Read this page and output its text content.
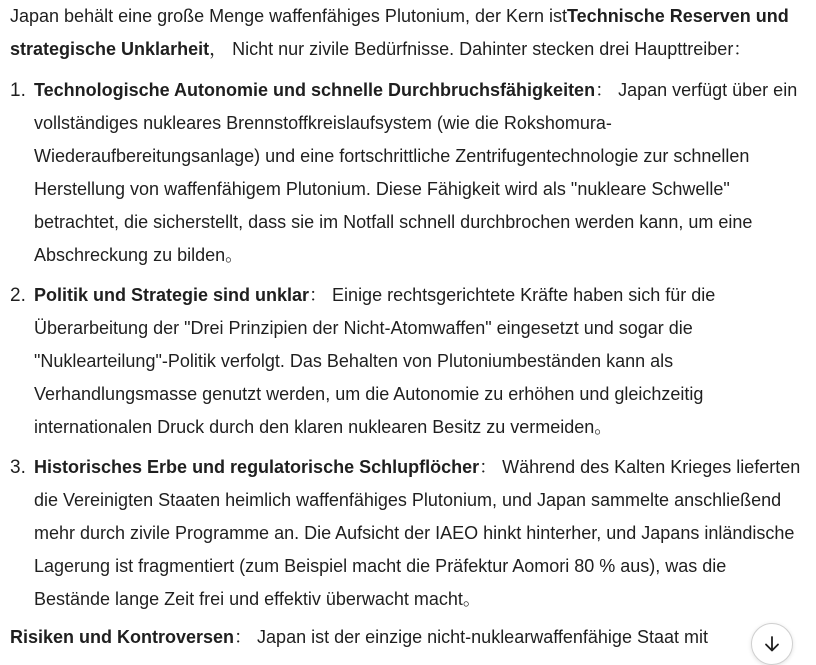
Japan behält eine große Menge waffenfähiges Plutonium, der Kern istTechnische Reserven und strategische Unklarheit， Nicht nur zivile Bedürfnisse. Dahinter stecken drei Haupttreiber：

1. Technologische Autonomie und schnelle Durchbruchsfähigkeiten： Japan verfügt über ein vollständiges nukleares Brennstoffkreislaufsystem (wie die Rokshomura-Wiederaufbereitungsanlage) und eine fortschrittliche Zentrifugentechnologie zur schnellen Herstellung von waffenfähigem Plutonium. Diese Fähigkeit wird als "nukleare Schwelle" betrachtet, die sicherstellt, dass sie im Notfall schnell durchbrochen werden kann, um eine Abschreckung zu bilden。
2. Politik und Strategie sind unklar： Einige rechtsgerichtete Kräfte haben sich für die Überarbeitung der "Drei Prinzipien der Nicht-Atomwaffen" eingesetzt und sogar die "Nuklearteilung"-Politik verfolgt. Das Behalten von Plutoniumbeständen kann als Verhandlungsmasse genutzt werden, um die Autonomie zu erhöhen und gleichzeitig internationalen Druck durch den klaren nuklearen Besitz zu vermeiden。
3. Historisches Erbe und regulatorische Schlupflöcher： Während des Kalten Krieges lieferten die Vereinigten Staaten heimlich waffenfähiges Plutonium, und Japan sammelte anschließend mehr durch zivile Programme an. Die Aufsicht der IAEO hinkt hinterher, und Japans inländische Lagerung ist fragmentiert (zum Beispiel macht die Präfektur Aomori 80 % aus), was die Bestände lange Zeit frei und effektiv überwacht macht。

Risiken und Kontroversen： Japan ist der einzige nicht-nuklearwaffenfähige Staat mit
